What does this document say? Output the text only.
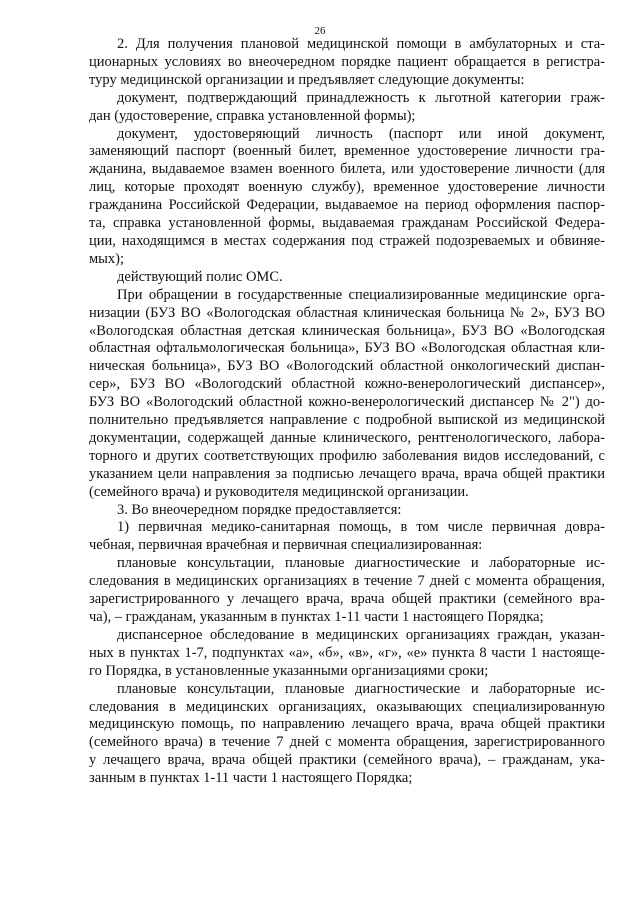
26
2. Для получения плановой медицинской помощи в амбулаторных и ста-
ционарных условиях во внеочередном порядке пациент обращается в регистра-
туру медицинской организации и предъявляет следующие документы:
документ, подтверждающий принадлежность к льготной категории граж-
дан (удостоверение, справка установленной формы);
документ, удостоверяющий личность (паспорт или иной документ,
заменяющий паспорт (военный билет, временное удостоверение личности гра-
жданина, выдаваемое взамен военного билета, или удостоверение личности (для
лиц, которые проходят военную службу), временное удостоверение личности
гражданина Российской Федерации, выдаваемое на период оформления паспор-
та, справка установленной формы, выдаваемая гражданам Российской Федера-
ции, находящимся в местах содержания под стражей подозреваемых и обвиняе-
мых);
действующий полис ОМС.
При обращении в государственные специализированные медицинские орга-
низации (БУЗ ВО «Вологодская областная клиническая больница № 2», БУЗ ВО
«Вологодская областная детская клиническая больница», БУЗ ВО «Вологодская
областная офтальмологическая больница», БУЗ ВО «Вологодская областная кли-
ническая больница», БУЗ ВО «Вологодский областной онкологический диспан-
сер», БУЗ ВО «Вологодский областной кожно-венерологический диспансер»,
БУЗ ВО «Вологодский областной кожно-венерологический диспансер № 2") до-
полнительно предъявляется направление с подробной выпиской из медицинской
документации, содержащей данные клинического, рентгенологического, лабора-
торного и других соответствующих профилю заболевания видов исследований, с
указанием цели направления за подписью лечащего врача, врача общей практики
(семейного врача) и руководителя медицинской организации.
3. Во внеочередном порядке предоставляется:
1) первичная медико-санитарная помощь, в том числе первичная довра-
чебная, первичная врачебная и первичная специализированная:
плановые консультации, плановые диагностические и лабораторные ис-
следования в медицинских организациях в течение 7 дней с момента обращения,
зарегистрированного у лечащего врача, врача общей практики (семейного вра-
ча), – гражданам, указанным в пунктах 1-11 части 1 настоящего Порядка;
диспансерное обследование в медицинских организациях граждан, указан-
ных в пунктах 1-7, подпунктах «а», «б», «в», «г», «е» пункта 8 части 1 настояще-
го Порядка, в установленные указанными организациями сроки;
плановые консультации, плановые диагностические и лабораторные ис-
следования в медицинских организациях, оказывающих специализированную
медицинскую помощь, по направлению лечащего врача, врача общей практики
(семейного врача) в течение 7 дней с момента обращения, зарегистрированного
у лечащего врача, врача общей практики (семейного врача), – гражданам, ука-
занным в пунктах 1-11 части 1 настоящего Порядка;
